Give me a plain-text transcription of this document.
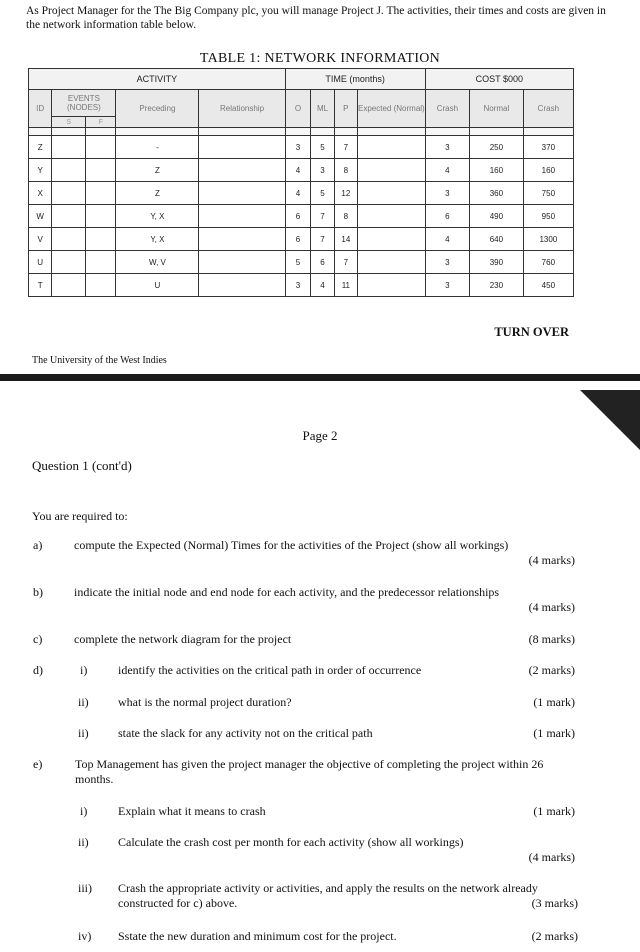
As Project Manager for the The Big Company plc, you will manage Project J. The activities, their times and costs are given in the network information table below.
TABLE 1: NETWORK INFORMATION
ACTIVITY					TIME (months)				COST $000		
ID	EVENTS (NODES)		Preceding	Relationship	O	ML	P	Expected (Normal)	Crash	Normal	Crash
	S	F									

Z			-		3	5	7		3	250	370
Y			Z		4	3	8		4	160	160
X			Z		4	5	12		3	360	750
W			Y, X		6	7	8		6	490	950
V			Y, X		6	7	14		4	640	1300
U			W, V		5	6	7		3	390	760
T			U		3	4	11		3	230	450
TURN OVER
The University of the West Indies
Page 2
Question 1 (cont'd)
You are required to:
a)	compute the Expected (Normal) Times for the activities of the Project (show all workings)
(4 marks)
b)	indicate the initial node and end node for each activity, and the predecessor relationships
(4 marks)
c)	complete the network diagram for the project	(8 marks)
d)	i)	identify the activities on the critical path in order of occurrence	(2 marks)
ii) what is the normal project duration?	(1 mark)
ii) state the slack for any activity not on the critical path	(1 mark)
e)	Top Management has given the project manager the objective of completing the project within 26 months.
i)	Explain what it means to crash	(1 mark)
ii) Calculate the crash cost per month for each activity (show all workings)
(4 marks)
iii) Crash the appropriate activity or activities, and apply the results on the network already constructed for c) above.	(3 marks)
iv) Sstate the new duration and minimum cost for the project.	(2 marks)
